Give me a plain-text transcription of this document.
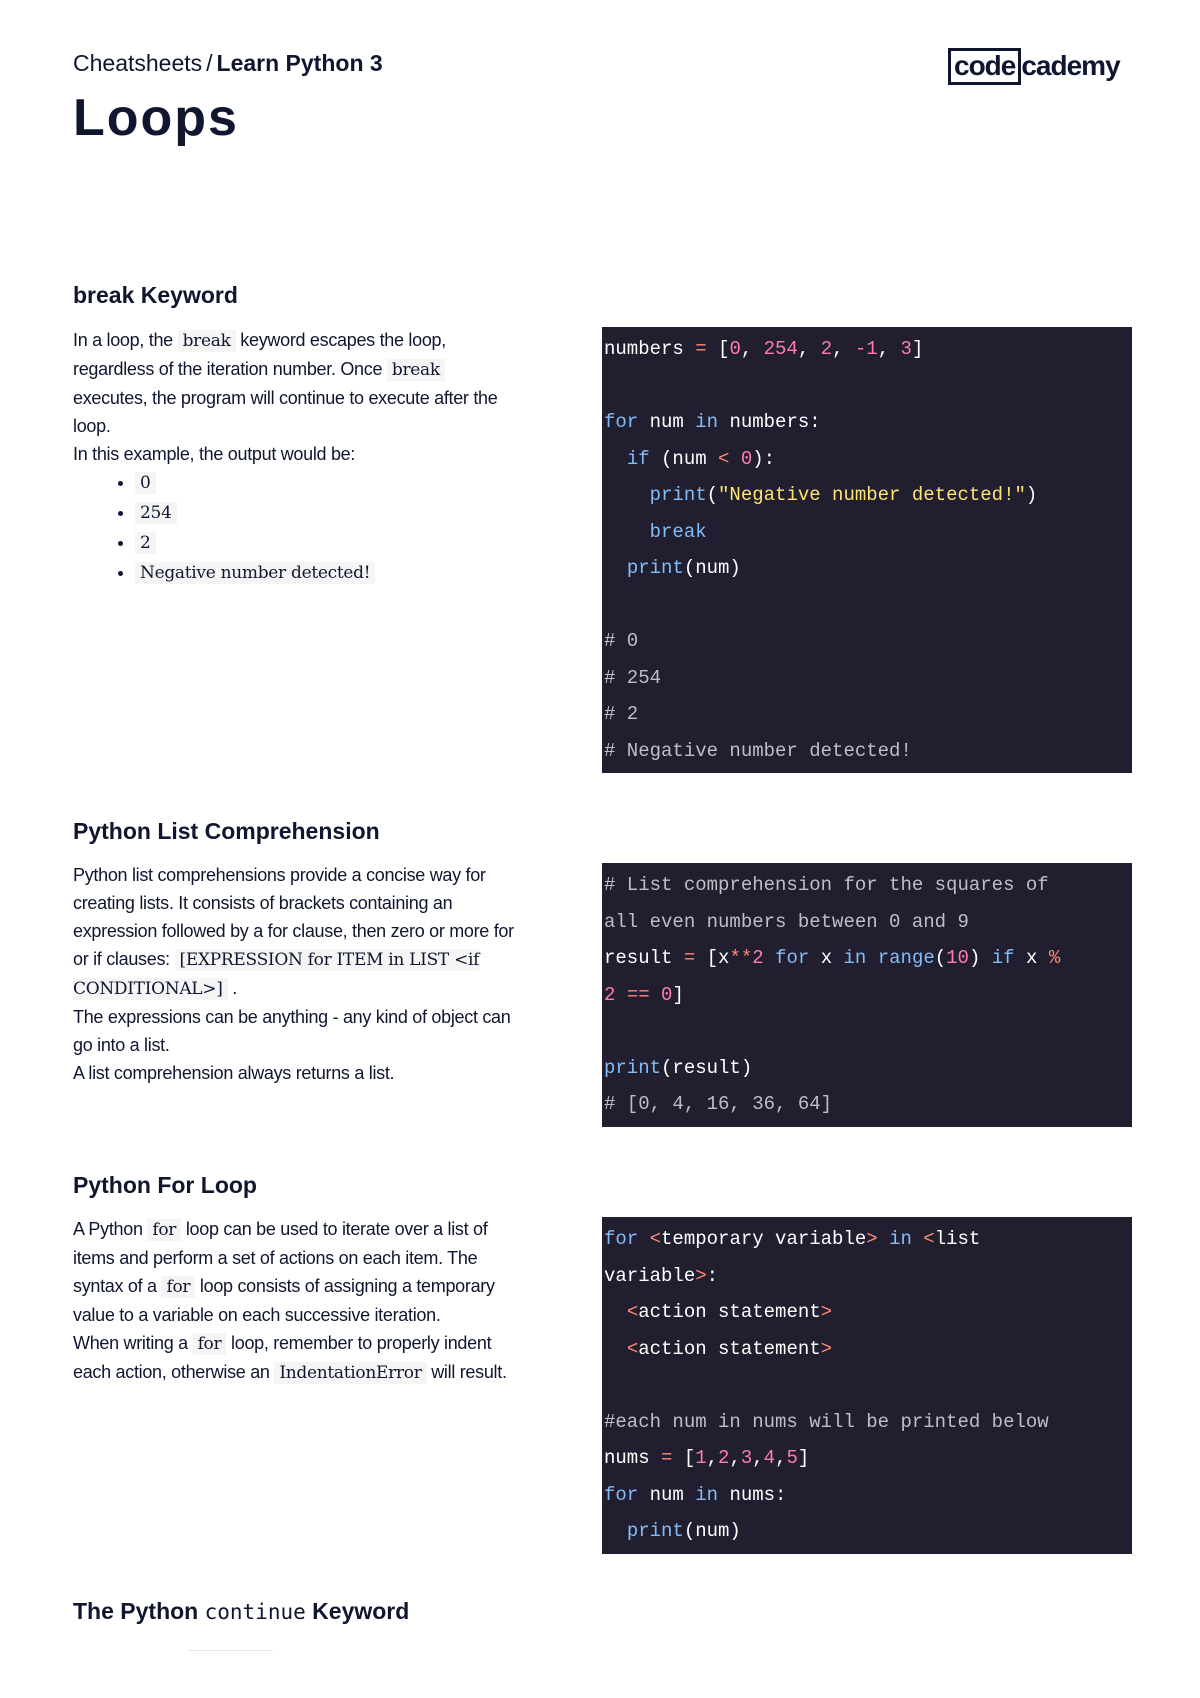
Cheatsheets / Learn Python 3	code cademy
Loops
break Keyword

In a loop, the break keyword escapes the loop, regardless of the iteration number. Once break executes, the program will continue to execute after the loop.

In this example, the output would be:

• 0
• 254
• 2
• Negative number detected!
numbers = [0, 254, 2, -1, 3]
for num in numbers:
if (num < 0):
print("Negative number detected!")
break
print(num)
# 0
# 254
# 2
# Negative number detected!
Python List Comprehension

Python list comprehensions provide a concise way for creating lists. It consists of brackets containing an expression followed by a for clause, then zero or more for or if clauses: [EXPRESSION for ITEM in LIST <if CONDITIONAL>] .

The expressions can be anything - any kind of object can go into a list.

A list comprehension always returns a list.

# List comprehension for the squares of
all even numbers between 0 and 9
result = [x**2 for x in range(10) if x %
2 == 0]
print(result)
# [0, 4, 16, 36, 64]
Python For Loop

A Python for loop can be used to iterate over a list of items and perform a set of actions on each item. The syntax of a for loop consists of assigning a temporary value to a variable on each successive iteration.

When writing a for loop, remember to properly indent each action, otherwise an IndentationError will result.

for <temporary variable> in <list
variable>:
<action statement>
<action statement>
#each num in nums will be printed below
nums = [1,2,3,4,5]
for num in nums:
print(num)
The Python continue Keyword
